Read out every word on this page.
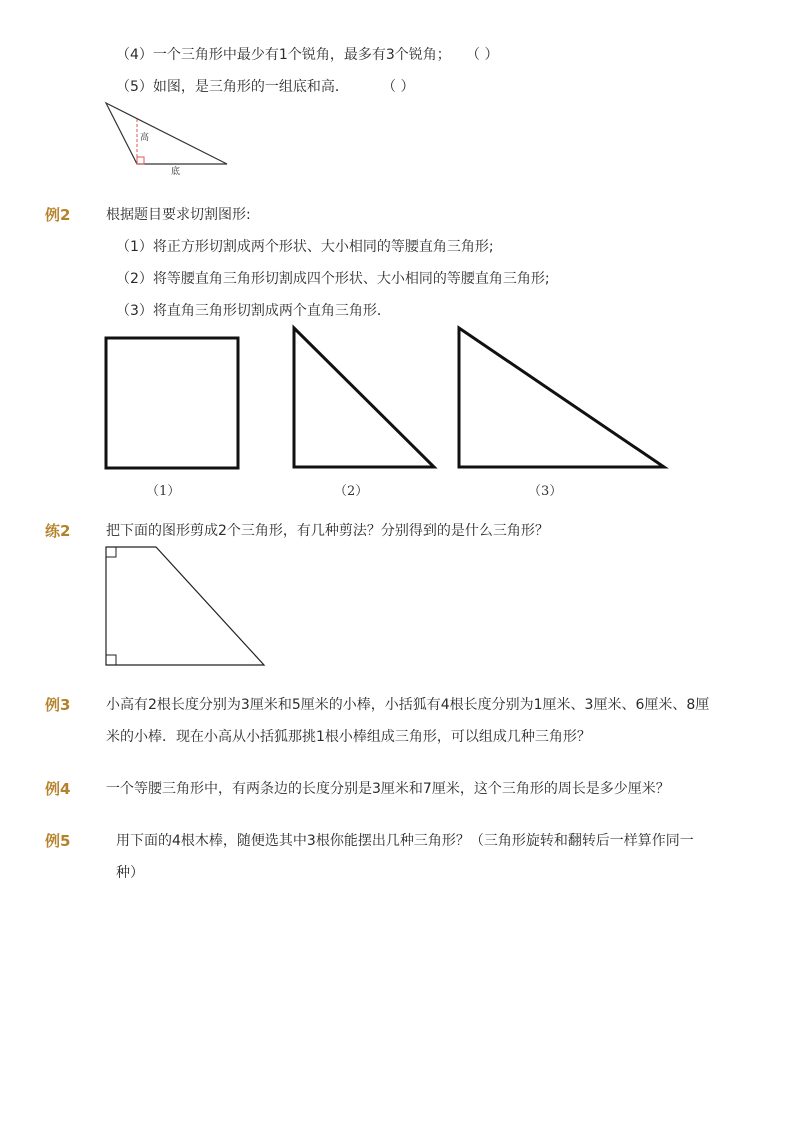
（4）一个三角形中最少有1个锐角，最多有3个锐角； （ ）
（5）如图，是三角形的一组底和高． （ ）
高
底
例2	根据题目要求切割图形:
（1）将正方形切割成两个形状、大小相同的等腰直角三角形;
（2）将等腰直角三角形切割成四个形状、大小相同的等腰直角三角形;
（3）将直角三角形切割成两个直角三角形．
（1）	（2）	（3）
练2	把下面的图形剪成2个三角形，有几种剪法？分别得到的是什么三角形？
例3	小高有2根长度分别为3厘米和5厘米的小棒，小括狐有4根长度分别为1厘米、3厘米、6厘米、8厘
米的小棒．现在小高从小括狐那挑1根小棒组成三角形，可以组成几种三角形？
例4	一个等腰三角形中，有两条边的长度分别是3厘米和7厘米，这个三角形的周长是多少厘米？
例5	用下面的4根木棒，随便选其中3根你能摆出几种三角形？（三角形旋转和翻转后一样算作同一
种）
